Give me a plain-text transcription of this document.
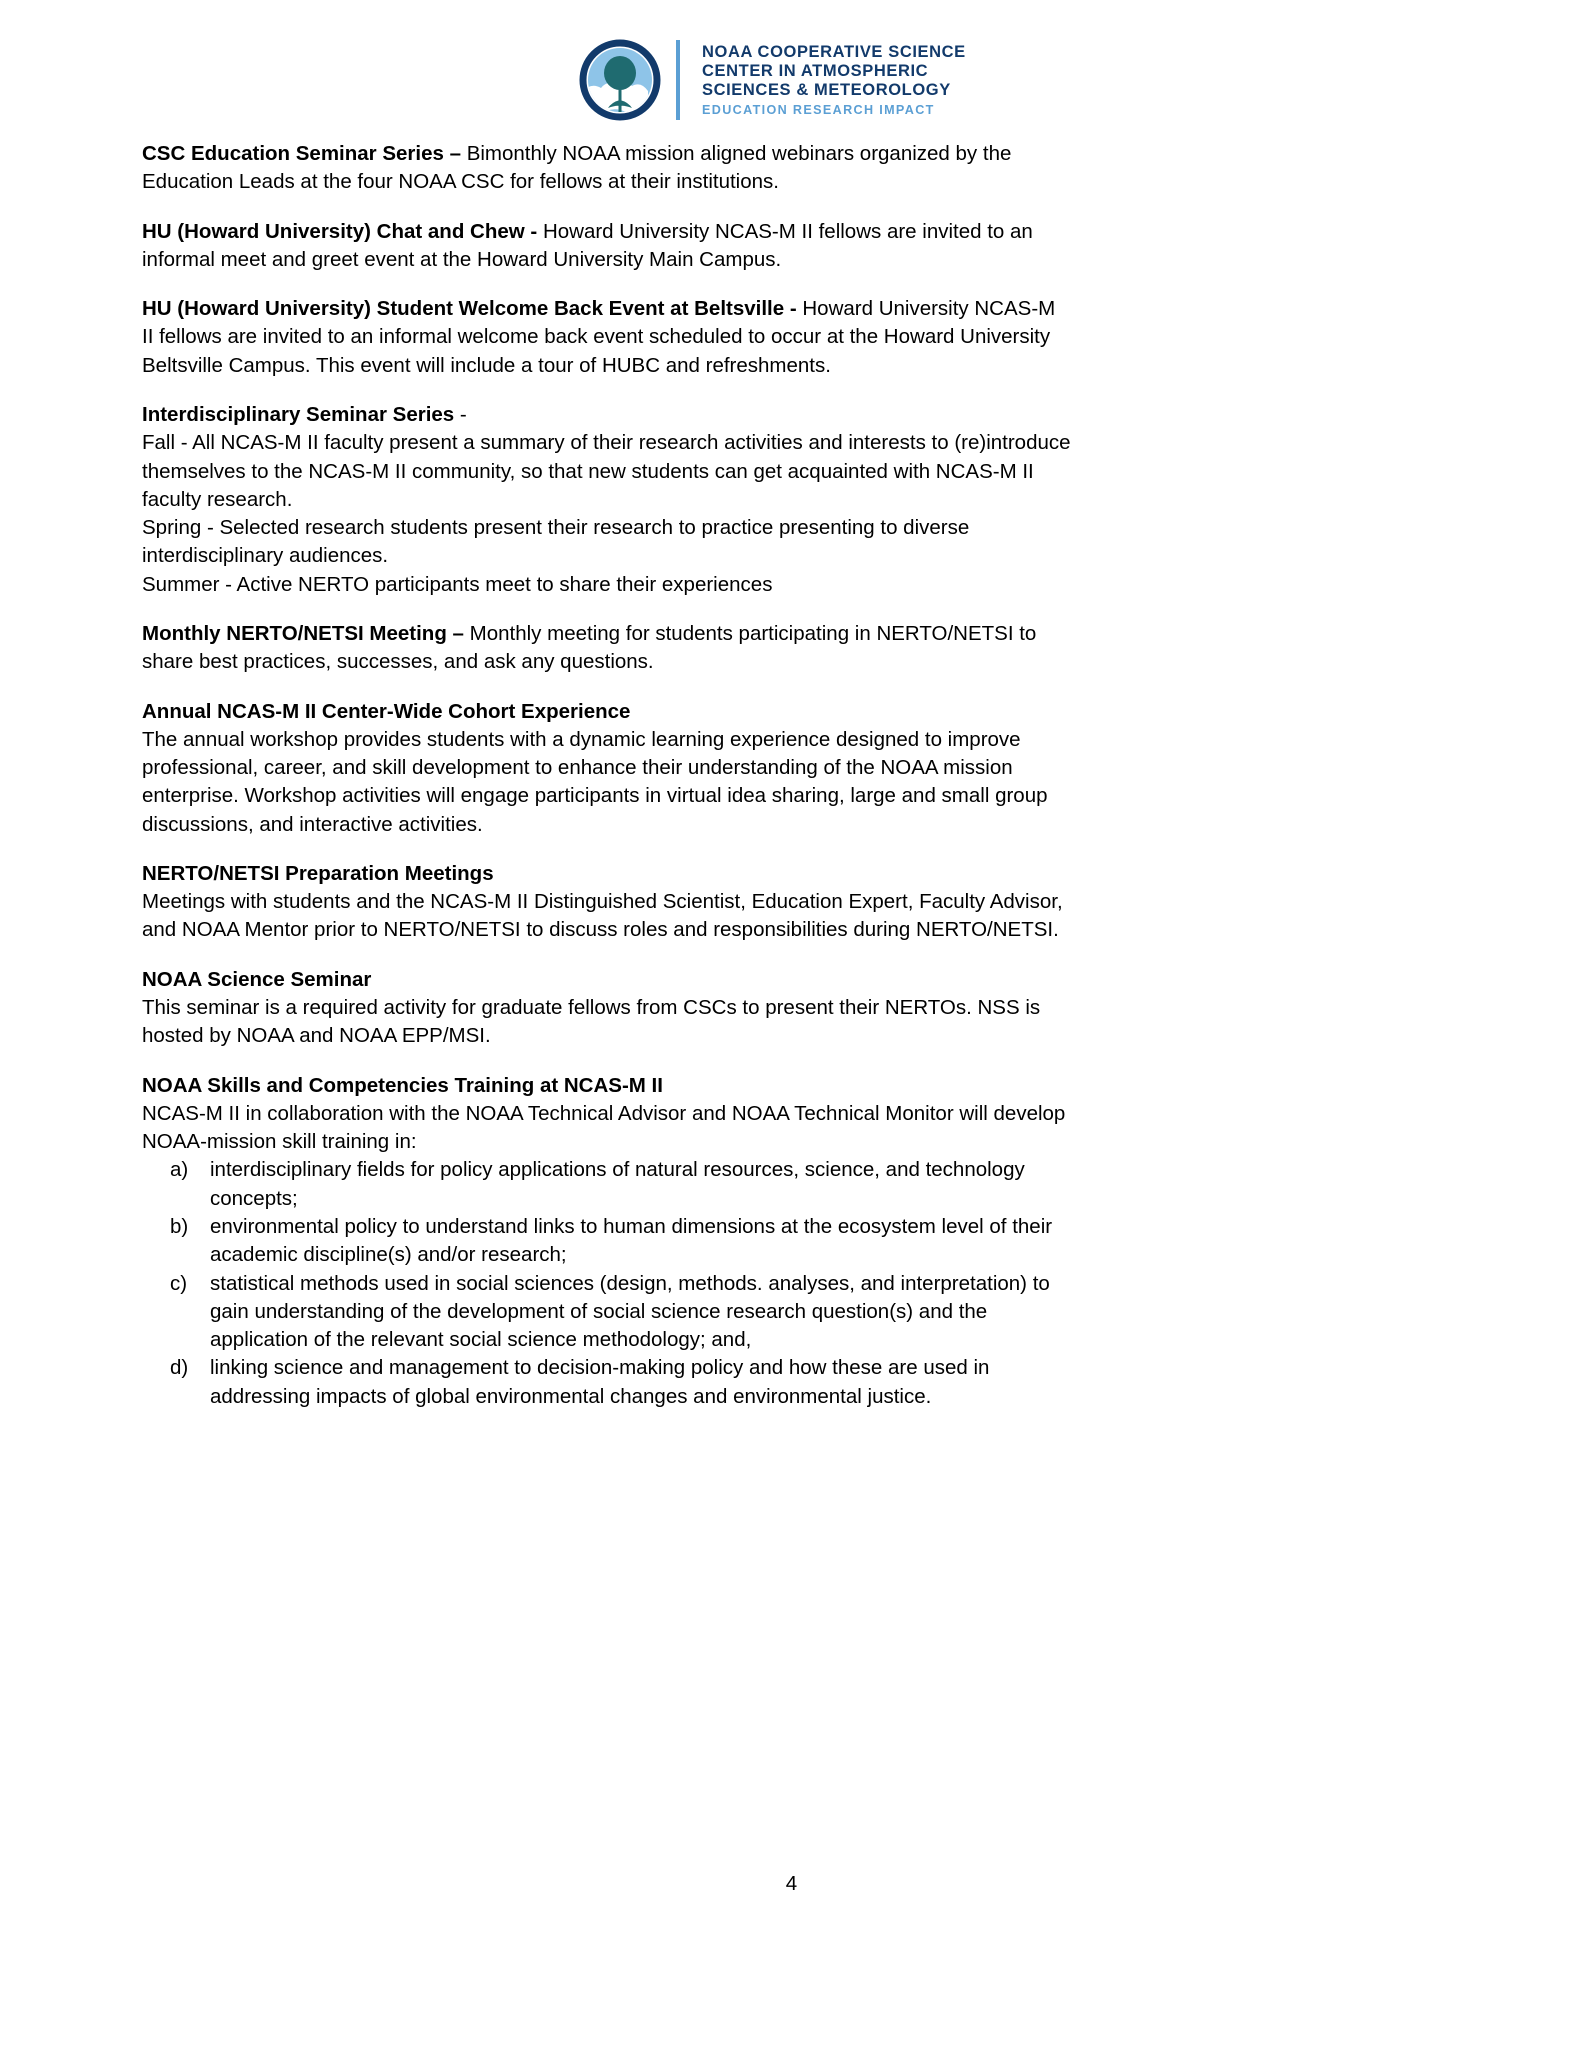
NOAA COOPERATIVE SCIENCE
CENTER IN ATMOSPHERIC
SCIENCES & METEOROLOGY
EDUCATION RESEARCH IMPACT

CSC Education Seminar Series – Bimonthly NOAA mission aligned webinars organized by the Education Leads at the four NOAA CSC for fellows at their institutions.

HU (Howard University) Chat and Chew - Howard University NCAS-M II fellows are invited to an informal meet and greet event at the Howard University Main Campus.

HU (Howard University) Student Welcome Back Event at Beltsville - Howard University NCAS-M II fellows are invited to an informal welcome back event scheduled to occur at the Howard University Beltsville Campus. This event will include a tour of HUBC and refreshments.

Interdisciplinary Seminar Series -

Fall - All NCAS-M II faculty present a summary of their research activities and interests to (re)introduce themselves to the NCAS-M II community, so that new students can get acquainted with NCAS-M II faculty research.

Spring - Selected research students present their research to practice presenting to diverse interdisciplinary audiences.

Summer - Active NERTO participants meet to share their experiences

Monthly NERTO/NETSI Meeting – Monthly meeting for students participating in NERTO/NETSI to share best practices, successes, and ask any questions.

Annual NCAS-M II Center-Wide Cohort Experience

The annual workshop provides students with a dynamic learning experience designed to improve professional, career, and skill development to enhance their understanding of the NOAA mission enterprise. Workshop activities will engage participants in virtual idea sharing, large and small group discussions, and interactive activities.

NERTO/NETSI Preparation Meetings

Meetings with students and the NCAS-M II Distinguished Scientist, Education Expert, Faculty Advisor, and NOAA Mentor prior to NERTO/NETSI to discuss roles and responsibilities during NERTO/NETSI.

NOAA Science Seminar

This seminar is a required activity for graduate fellows from CSCs to present their NERTOs. NSS is hosted by NOAA and NOAA EPP/MSI.

NOAA Skills and Competencies Training at NCAS-M II

NCAS-M II in collaboration with the NOAA Technical Advisor and NOAA Technical Monitor will develop NOAA-mission skill training in:

a)	interdisciplinary fields for policy applications of natural resources, science, and technology concepts;
b)	environmental policy to understand links to human dimensions at the ecosystem level of their academic discipline(s) and/or research;
c)	statistical methods used in social sciences (design, methods. analyses, and interpretation) to gain understanding of the development of social science research question(s) and the application of the relevant social science methodology; and,
d)	linking science and management to decision-making policy and how these are used in addressing impacts of global environmental changes and environmental justice.
4
